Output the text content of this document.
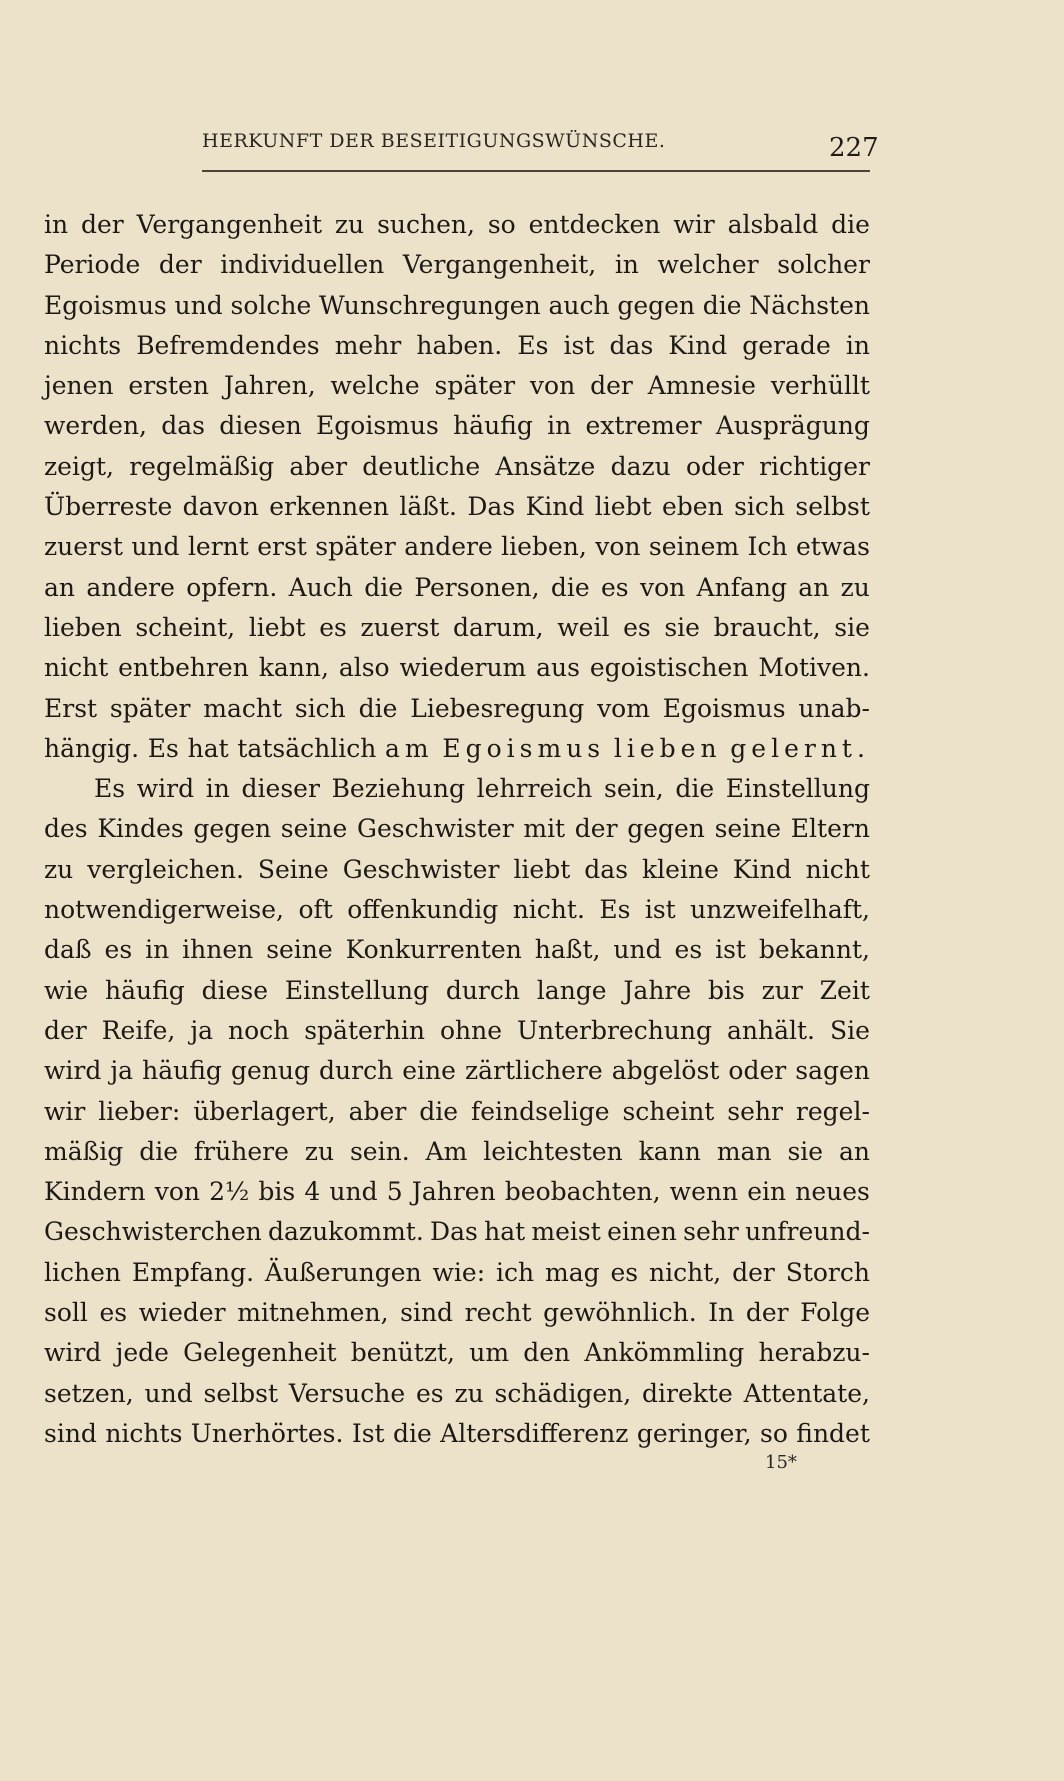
HERKUNFT DER BESEITIGUNGSWÜNSCHE.	227
in der Vergangenheit zu suchen, so entdecken wir alsbald die
Periode der individuellen Vergangenheit, in welcher solcher
Egoismus und solche Wunschregungen auch gegen die Nächsten
nichts Befremdendes mehr haben. Es ist das Kind gerade in
jenen ersten Jahren, welche später von der Amnesie verhüllt
werden, das diesen Egoismus häufig in extremer Ausprägung
zeigt, regelmäßig aber deutliche Ansätze dazu oder richtiger
Überreste davon erkennen läßt. Das Kind liebt eben sich selbst
zuerst und lernt erst später andere lieben, von seinem Ich etwas
an andere opfern. Auch die Personen, die es von Anfang an zu
lieben scheint, liebt es zuerst darum, weil es sie braucht, sie
nicht entbehren kann, also wiederum aus egoistischen Motiven.
Erst später macht sich die Liebesregung vom Egoismus unab-
hängig. Es hat tatsächlich am Egoismus lieben gelernt.
Es wird in dieser Beziehung lehrreich sein, die Einstellung
des Kindes gegen seine Geschwister mit der gegen seine Eltern
zu vergleichen. Seine Geschwister liebt das kleine Kind nicht
notwendigerweise, oft offenkundig nicht. Es ist unzweifelhaft,
daß es in ihnen seine Konkurrenten haßt, und es ist bekannt,
wie häufig diese Einstellung durch lange Jahre bis zur Zeit
der Reife, ja noch späterhin ohne Unterbrechung anhält. Sie
wird ja häufig genug durch eine zärtlichere abgelöst oder sagen
wir lieber: überlagert, aber die feindselige scheint sehr regel-
mäßig die frühere zu sein. Am leichtesten kann man sie an
Kindern von 2½ bis 4 und 5 Jahren beobachten, wenn ein neues
Geschwisterchen dazukommt. Das hat meist einen sehr unfreund-
lichen Empfang. Äußerungen wie: ich mag es nicht, der Storch
soll es wieder mitnehmen, sind recht gewöhnlich. In der Folge
wird jede Gelegenheit benützt, um den Ankömmling herabzu-
setzen, und selbst Versuche es zu schädigen, direkte Attentate,
sind nichts Unerhörtes. Ist die Altersdifferenz geringer, so findet
15*
